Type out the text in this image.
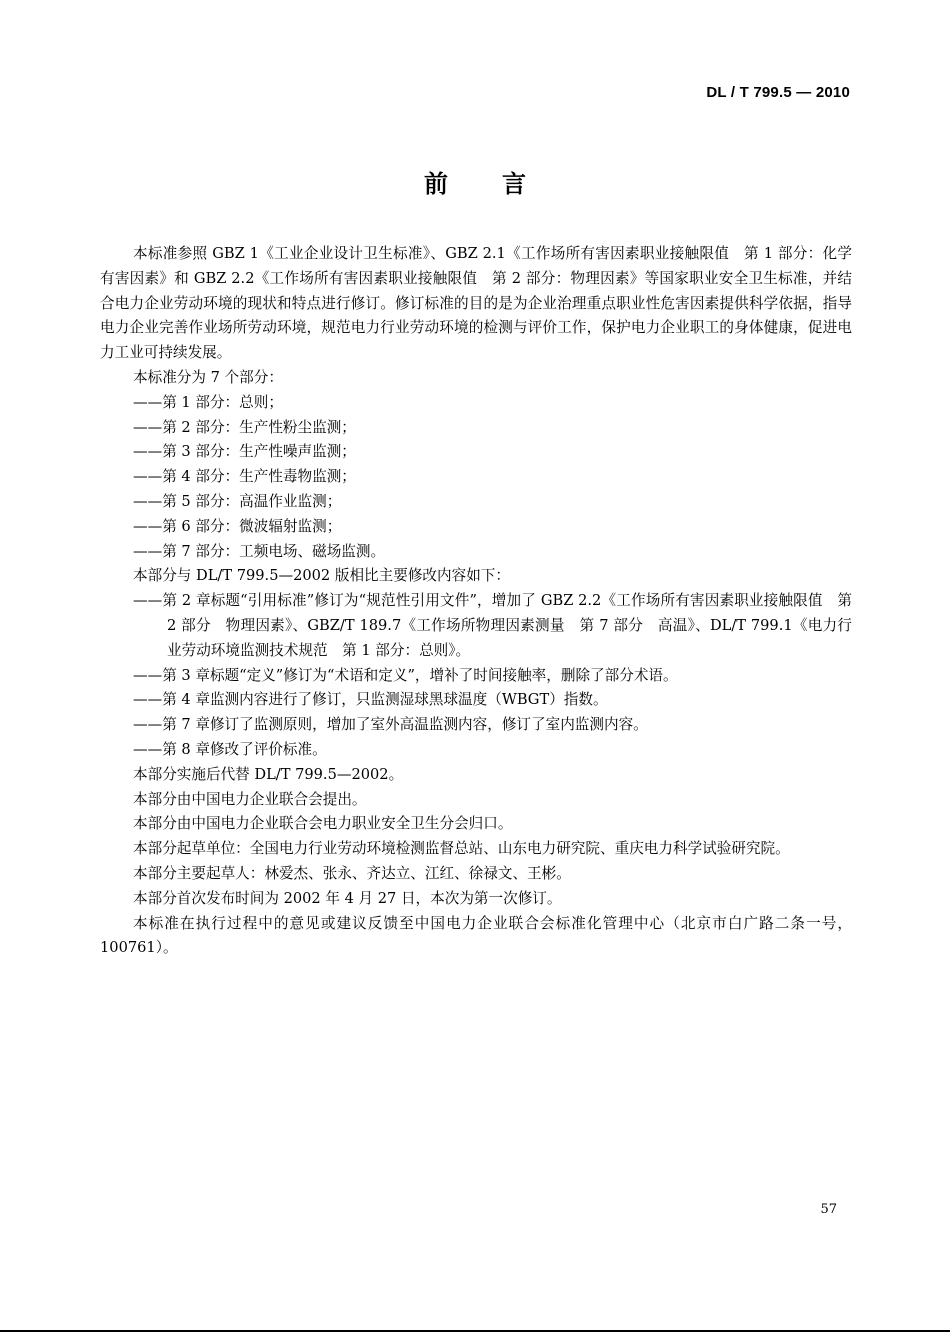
DL / T 799.5 — 2010
前言

本标准参照 GBZ 1《工业企业设计卫生标准》、GBZ 2.1《工作场所有害因素职业接触限值　第 1 部分：化学有害因素》和 GBZ 2.2《工作场所有害因素职业接触限值　第 2 部分：物理因素》等国家职业安全卫生标准，并结合电力企业劳动环境的现状和特点进行修订。修订标准的目的是为企业治理重点职业性危害因素提供科学依据，指导电力企业完善作业场所劳动环境，规范电力行业劳动环境的检测与评价工作，保护电力企业职工的身体健康，促进电力工业可持续发展。

本标准分为 7 个部分：

——第 1 部分：总则；

——第 2 部分：生产性粉尘监测；

——第 3 部分：生产性噪声监测；

——第 4 部分：生产性毒物监测；

——第 5 部分：高温作业监测；

——第 6 部分：微波辐射监测；

——第 7 部分：工频电场、磁场监测。

本部分与 DL/T 799.5—2002 版相比主要修改内容如下：

——第 2 章标题“引用标准”修订为“规范性引用文件”，增加了 GBZ 2.2《工作场所有害因素职业接触限值　第 2 部分　物理因素》、GBZ/T 189.7《工作场所物理因素测量　第 7 部分　高温》、DL/T 799.1《电力行业劳动环境监测技术规范　第 1 部分：总则》。

——第 3 章标题“定义”修订为“术语和定义”，增补了时间接触率，删除了部分术语。

——第 4 章监测内容进行了修订，只监测湿球黑球温度（WBGT）指数。

——第 7 章修订了监测原则，增加了室外高温监测内容，修订了室内监测内容。

——第 8 章修改了评价标准。

本部分实施后代替 DL/T 799.5—2002。

本部分由中国电力企业联合会提出。

本部分由中国电力企业联合会电力职业安全卫生分会归口。

本部分起草单位：全国电力行业劳动环境检测监督总站、山东电力研究院、重庆电力科学试验研究院。

本部分主要起草人：林爱杰、张永、齐达立、江红、徐禄文、王彬。

本部分首次发布时间为 2002 年 4 月 27 日，本次为第一次修订。

本标准在执行过程中的意见或建议反馈至中国电力企业联合会标准化管理中心（北京市白广路二条一号，100761）。

57
